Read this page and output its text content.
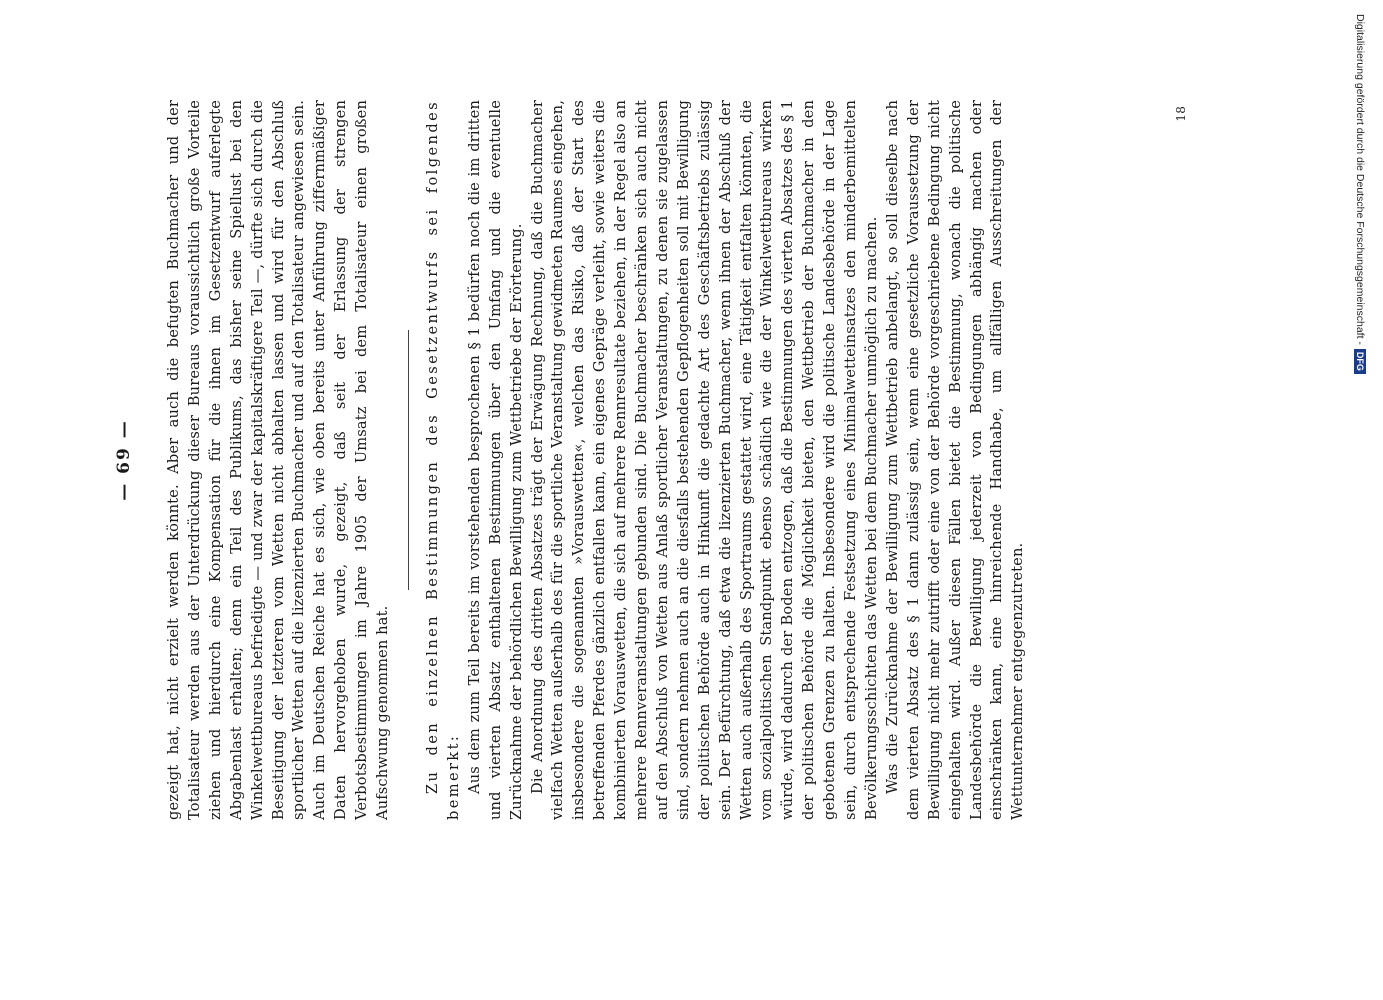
— 69 — gezeigt hat, nicht erzielt werden könnte. Aber auch die befugten Buchmacher und der Totalisateur werden aus der Unterdrückung dieser Bureaus voraussichtlich große Vorteile ziehen und hierdurch eine Kompensation für die ihnen im Gesetzentwurf auferlegte Abgabenlast erhalten; denn ein Teil des Publikums, das bisher seine Spiellust bei den Winkelwettbureaus befriedigte — und zwar der kapitalskräftigere Teil —, dürfte sich durch die Beseitigung der letzteren vom Wetten nicht abhalten lassen und wird für den Abschluß sportlicher Wetten auf die lizenzierten Buchmacher und auf den Totalisateur angewiesen sein. Auch im Deutschen Reiche hat es sich, wie oben bereits unter Anführung ziffernmäßiger Daten hervorgehoben wurde, gezeigt, daß seit der Erlassung der strengen Verbotsbestimmungen im Jahre 1905 der Umsatz bei dem Totalisateur einen großen Aufschwung genommen hat. Zu den einzelnen Bestimmungen des Gesetzentwurfs sei folgendes bemerkt: Aus dem zum Teil bereits im vorstehenden besprochenen § 1 bedürfen noch die im dritten und vierten Absatz enthaltenen Bestimmungen über den Umfang und die eventuelle Zurücknahme der behördlichen Bewilligung zum Wettbetriebe der Erörterung. Die Anordnung des dritten Absatzes trägt der Erwägung Rechnung, daß die Buchmacher vielfach Wetten außerhalb des für die sportliche Veranstaltung gewidmeten Raumes eingehen, insbesondere die sogenannten »Vorauswetten«, welchen das Risiko, daß der Start des betreffenden Pferdes gänzlich entfallen kann, ein eigenes Gepräge verleiht, sowie weiters die kombinierten Vorauswetten, die sich auf mehrere Rennresultate beziehen, in der Regel also an mehrere Rennveranstaltungen gebunden sind. Die Buchmacher beschränken sich auch nicht auf den Abschluß von Wetten aus Anlaß sportlicher Veranstaltungen, zu denen sie zugelassen sind, sondern nehmen auch an die diesfalls bestehenden Gepflogenheiten soll mit Bewilligung der politischen Behörde auch in Hinkunft die gedachte Art des Geschäftsbetriebs zulässig sein. Der Befürchtung, daß etwa die lizenzierten Buchmacher, wenn ihnen der Abschluß der Wetten auch außerhalb des Sportraums gestattet wird, eine Tätigkeit entfalten könnten, die vom sozialpolitischen Standpunkt ebenso schädlich wie die der Winkelwettbureaus wirken würde, wird dadurch der Boden entzogen, daß die Bestimmungen des vierten Absatzes des § 1 der politischen Behörde die Möglichkeit bieten, den Wettbetrieb der Buchmacher in den gebotenen Grenzen zu halten. Insbesondere wird die politische Landesbehörde in der Lage sein, durch entsprechende Festsetzung eines Minimalwetteinsatzes den minderbemittelten Bevölkerungsschichten das Wetten bei dem Buchmacher unmöglich zu machen. Was die Zurücknahme der Bewilligung zum Wettbetrieb anbelangt, so soll dieselbe nach dem vierten Absatz des § 1 dann zulässig sein, wenn eine gesetzliche Voraussetzung der Bewilligung nicht mehr zutrifft oder eine von der Behörde vorgeschriebene Bedingung nicht eingehalten wird. Außer diesen Fällen bietet die Bestimmung, wonach die politische Landesbehörde die Bewilligung jederzeit von Bedingungen abhängig machen oder einschränken kann, eine hinreichende Handhabe, um allfälligen Ausschreitungen der Wettunternehmer entgegenzutreten.

18	Digitalisierung gefördert durch die Deutsche Forschungsgemeinschaft -DFG
